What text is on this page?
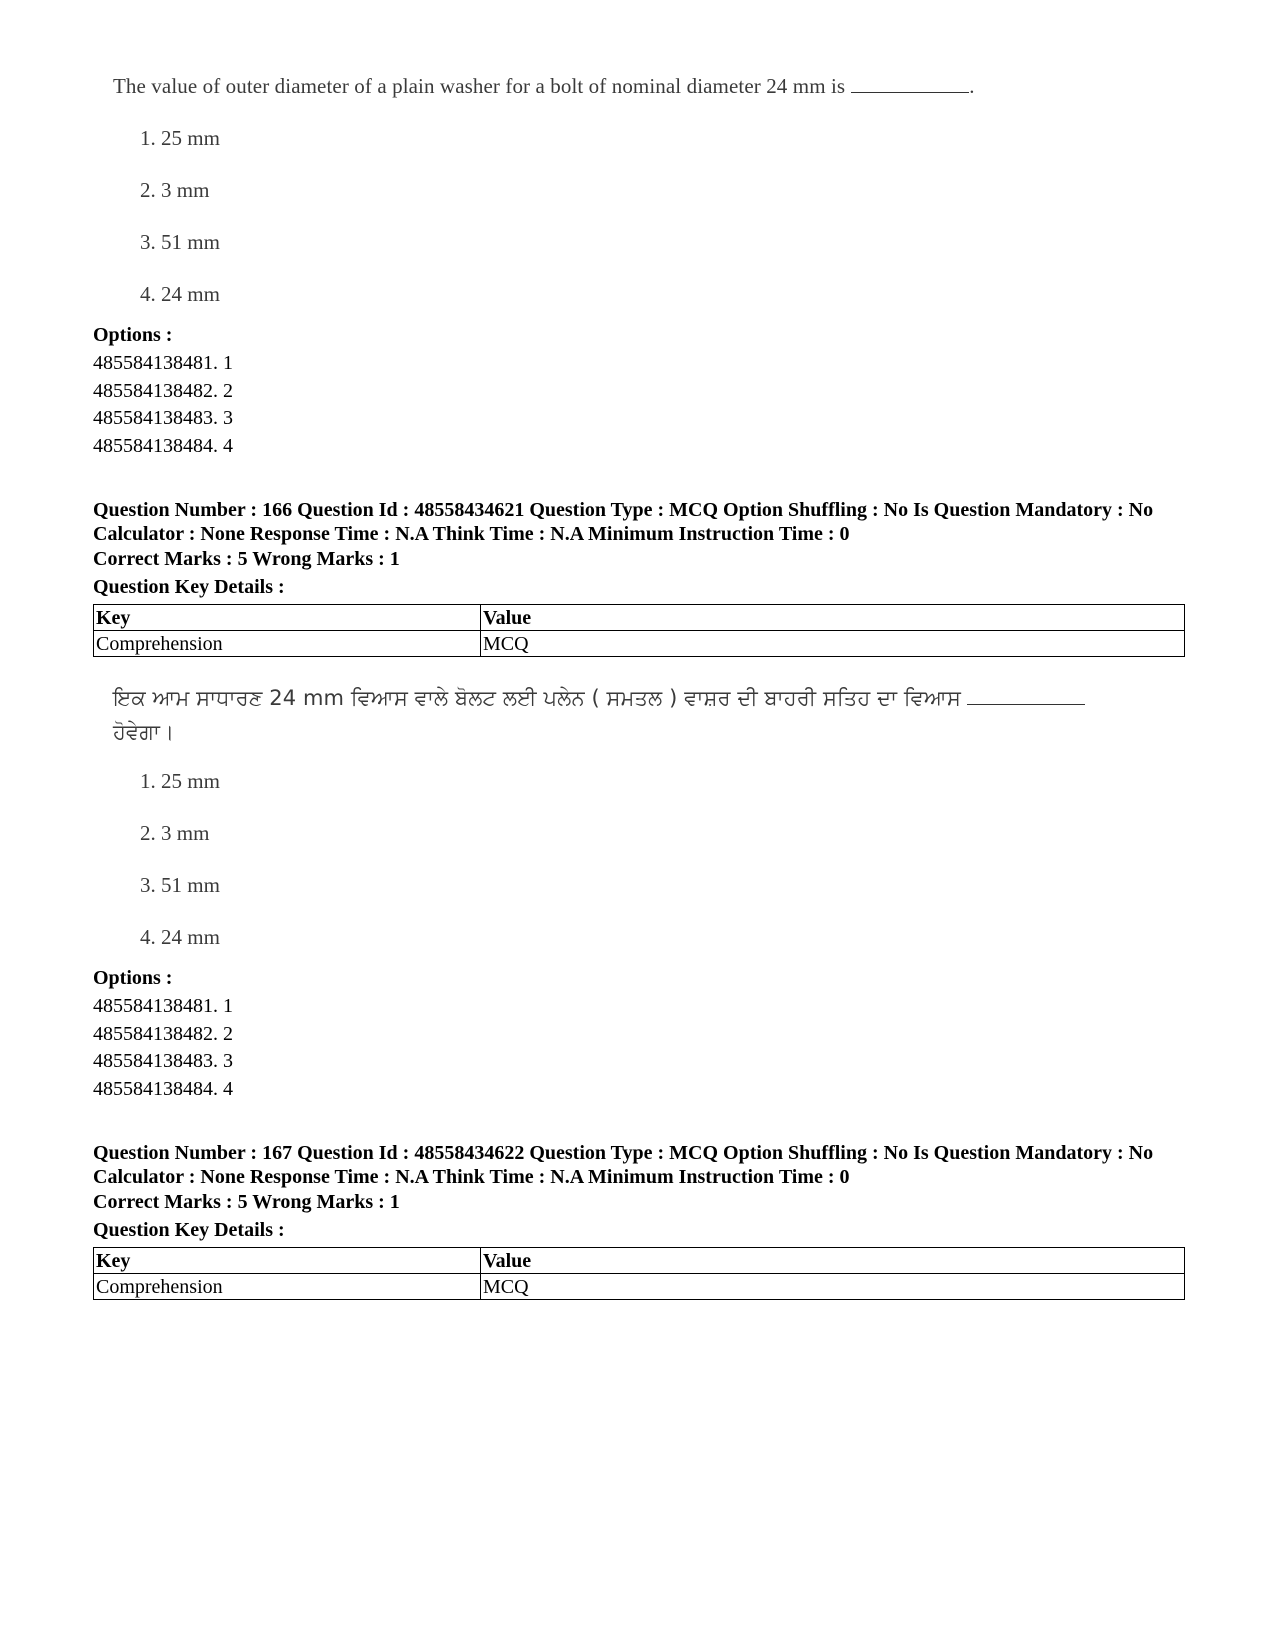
The value of outer diameter of a plain washer for a bolt of nominal diameter 24 mm is	.
1. 25 mm
2. 3 mm
3. 51 mm
4. 24 mm
Options :
485584138481. 1
485584138482. 2
485584138483. 3
485584138484. 4
Question Number : 166 Question Id : 48558434621 Question Type : MCQ Option Shuffling : No Is Question Mandatory : No Calculator : None Response Time : N.A Think Time : N.A Minimum Instruction Time : 0
Correct Marks : 5 Wrong Marks : 1
Question Key Details :
Key	Value
Comprehension	MCQ
ਇਕ ਆਮ ਸਾਧਾਰਣ 24 mm ਵਿਆਸ ਵਾਲੇ ਬੋਲਟ ਲਈ ਪਲੇਨ ( ਸਮਤਲ ) ਵਾਸ਼ਰ ਦੀ ਬਾਹਰੀ ਸਤਿਹ ਦਾ ਵਿਆਸ
ਹੋਵੇਗਾ।
1. 25 mm
2. 3 mm
3. 51 mm
4. 24 mm
Options :
485584138481. 1
485584138482. 2
485584138483. 3
485584138484. 4
Question Number : 167 Question Id : 48558434622 Question Type : MCQ Option Shuffling : No Is Question Mandatory : No Calculator : None Response Time : N.A Think Time : N.A Minimum Instruction Time : 0
Correct Marks : 5 Wrong Marks : 1
Question Key Details :
Key	Value
Comprehension	MCQ
